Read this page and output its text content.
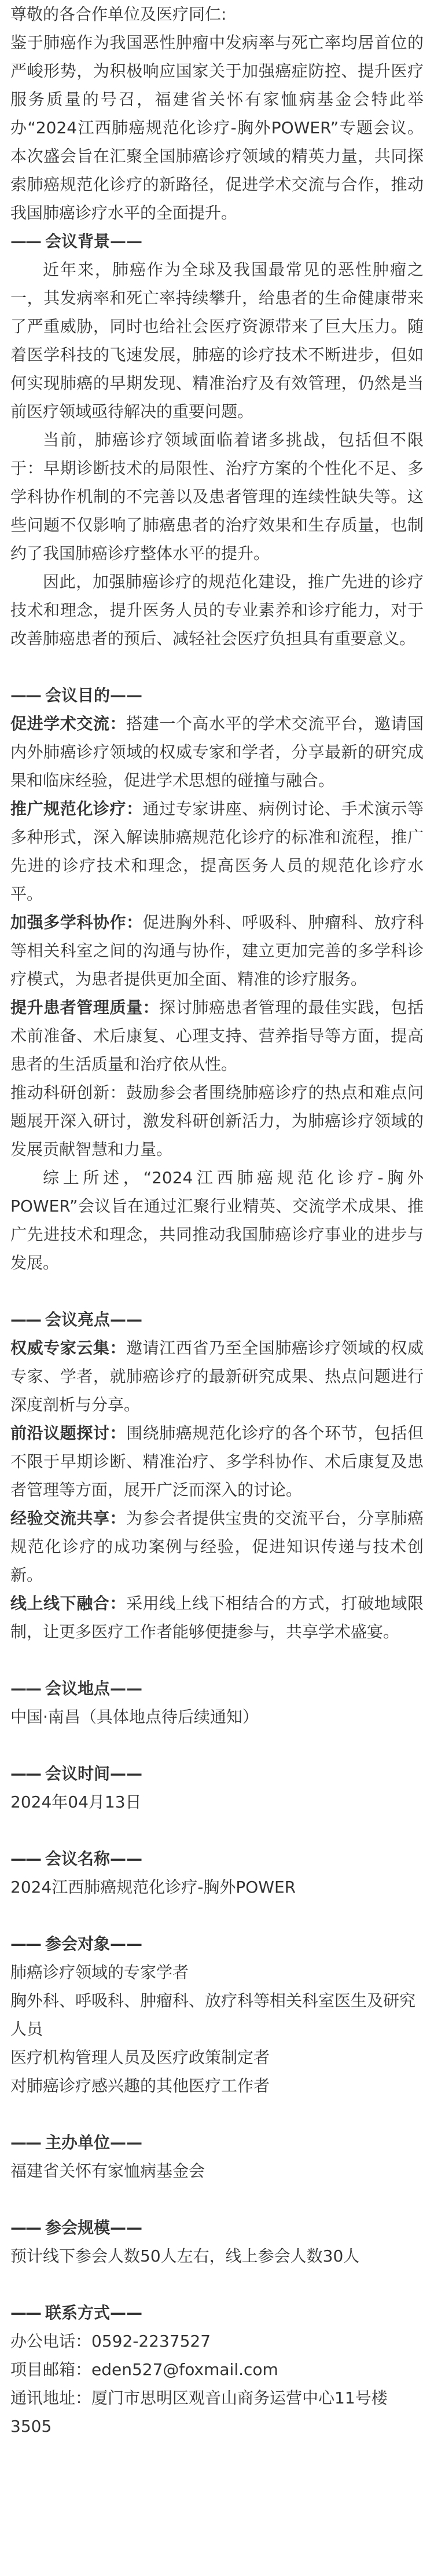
尊敬的各合作单位及医疗同仁:

鉴于肺癌作为我国恶性肿瘤中发病率与死亡率均居首位的严峻形势，为积极响应国家关于加强癌症防控、提升医疗服务质量的号召，福建省关怀有家恤病基金会特此举办“2024江西肺癌规范化诊疗-胸外POWER”专题会议。本次盛会旨在汇聚全国肺癌诊疗领域的精英力量，共同探索肺癌规范化诊疗的新路径，促进学术交流与合作，推动我国肺癌诊疗水平的全面提升。

—— 会议背景——

近年来，肺癌作为全球及我国最常见的恶性肿瘤之一，其发病率和死亡率持续攀升，给患者的生命健康带来了严重威胁，同时也给社会医疗资源带来了巨大压力。随着医学科技的飞速发展，肺癌的诊疗技术不断进步，但如何实现肺癌的早期发现、精准治疗及有效管理，仍然是当前医疗领域亟待解决的重要问题。

当前，肺癌诊疗领域面临着诸多挑战，包括但不限于：早期诊断技术的局限性、治疗方案的个性化不足、多学科协作机制的不完善以及患者管理的连续性缺失等。这些问题不仅影响了肺癌患者的治疗效果和生存质量，也制约了我国肺癌诊疗整体水平的提升。

因此，加强肺癌诊疗的规范化建设，推广先进的诊疗技术和理念，提升医务人员的专业素养和诊疗能力，对于改善肺癌患者的预后、减轻社会医疗负担具有重要意义。

—— 会议目的——

促进学术交流：搭建一个高水平的学术交流平台，邀请国内外肺癌诊疗领域的权威专家和学者，分享最新的研究成果和临床经验，促进学术思想的碰撞与融合。

推广规范化诊疗：通过专家讲座、病例讨论、手术演示等多种形式，深入解读肺癌规范化诊疗的标准和流程，推广先进的诊疗技术和理念，提高医务人员的规范化诊疗水平。

加强多学科协作：促进胸外科、呼吸科、肿瘤科、放疗科等相关科室之间的沟通与协作，建立更加完善的多学科诊疗模式，为患者提供更加全面、精准的诊疗服务。

提升患者管理质量：探讨肺癌患者管理的最佳实践，包括术前准备、术后康复、心理支持、营养指导等方面，提高患者的生活质量和治疗依从性。

推动科研创新：鼓励参会者围绕肺癌诊疗的热点和难点问题展开深入研讨，激发科研创新活力，为肺癌诊疗领域的发展贡献智慧和力量。

综上所述，“2024江西肺癌规范化诊疗-胸外POWER”会议旨在通过汇聚行业精英、交流学术成果、推广先进技术和理念，共同推动我国肺癌诊疗事业的进步与发展。

—— 会议亮点——

权威专家云集：邀请江西省乃至全国肺癌诊疗领域的权威专家、学者，就肺癌诊疗的最新研究成果、热点问题进行深度剖析与分享。

前沿议题探讨：围绕肺癌规范化诊疗的各个环节，包括但不限于早期诊断、精准治疗、多学科协作、术后康复及患者管理等方面，展开广泛而深入的讨论。

经验交流共享：为参会者提供宝贵的交流平台，分享肺癌规范化诊疗的成功案例与经验，促进知识传递与技术创新。

线上线下融合：采用线上线下相结合的方式，打破地域限制，让更多医疗工作者能够便捷参与，共享学术盛宴。

—— 会议地点——

中国·南昌（具体地点待后续通知）

—— 会议时间——

2024年04月13日

—— 会议名称——

2024江西肺癌规范化诊疗-胸外POWER

—— 参会对象——

肺癌诊疗领域的专家学者

胸外科、呼吸科、肿瘤科、放疗科等相关科室医生及研究人员

医疗机构管理人员及医疗政策制定者

对肺癌诊疗感兴趣的其他医疗工作者

—— 主办单位——

福建省关怀有家恤病基金会

—— 参会规模——

预计线下参会人数50人左右，线上参会人数30人

—— 联系方式——

办公电话：0592-2237527

项目邮箱：eden527@foxmail.com

通讯地址：厦门市思明区观音山商务运营中心11号楼3505
